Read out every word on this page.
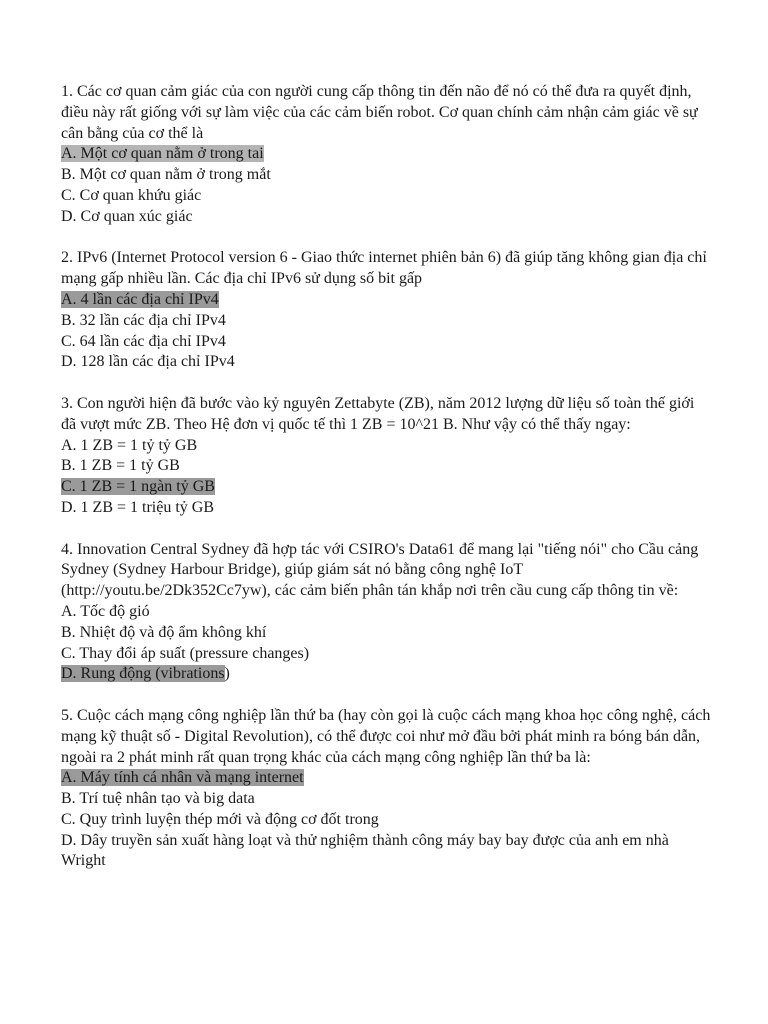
1. Các cơ quan cảm giác của con người cung cấp thông tin đến não để nó có thể đưa ra quyết định, điều này rất giống với sự làm việc của các cảm biến robot. Cơ quan chính cảm nhận cảm giác về sự cân bằng của cơ thể là

A. Một cơ quan nằm ở trong tai

B. Một cơ quan nằm ở trong mắt

C. Cơ quan khứu giác

D. Cơ quan xúc giác

2. IPv6 (Internet Protocol version 6 - Giao thức internet phiên bản 6) đã giúp tăng không gian địa chỉ mạng gấp nhiều lần. Các địa chỉ IPv6 sử dụng số bit gấp

A. 4 lần các địa chỉ IPv4

B. 32 lần các địa chỉ IPv4

C. 64 lần các địa chỉ IPv4

D. 128 lần các địa chỉ IPv4

3. Con người hiện đã bước vào kỷ nguyên Zettabyte (ZB), năm 2012 lượng dữ liệu số toàn thế giới đã vượt mức ZB. Theo Hệ đơn vị quốc tế thì 1 ZB = 10^21 B. Như vậy có thể thấy ngay:

A. 1 ZB = 1 tỷ tỷ GB

B. 1 ZB = 1 tỷ GB

C. 1 ZB = 1 ngàn tỷ GB

D. 1 ZB = 1 triệu tỷ GB

4. Innovation Central Sydney đã hợp tác với CSIRO's Data61 để mang lại "tiếng nói" cho Cầu cảng Sydney (Sydney Harbour Bridge), giúp giám sát nó bằng công nghệ IoT (http://youtu.be/2Dk352Cc7yw), các cảm biến phân tán khắp nơi trên cầu cung cấp thông tin về:

A. Tốc độ gió

B. Nhiệt độ và độ ẩm không khí

C. Thay đổi áp suất (pressure changes)

D. Rung động (vibrations)

5. Cuộc cách mạng công nghiệp lần thứ ba (hay còn gọi là cuộc cách mạng khoa học công nghệ, cách mạng kỹ thuật số - Digital Revolution), có thể được coi như mở đầu bởi phát minh ra bóng bán dẫn, ngoài ra 2 phát minh rất quan trọng khác của cách mạng công nghiệp lần thứ ba là:

A. Máy tính cá nhân và mạng internet

B. Trí tuệ nhân tạo và big data

C. Quy trình luyện thép mới và động cơ đốt trong

D. Dây truyền sản xuất hàng loạt và thử nghiệm thành công máy bay bay được của anh em nhà Wright
